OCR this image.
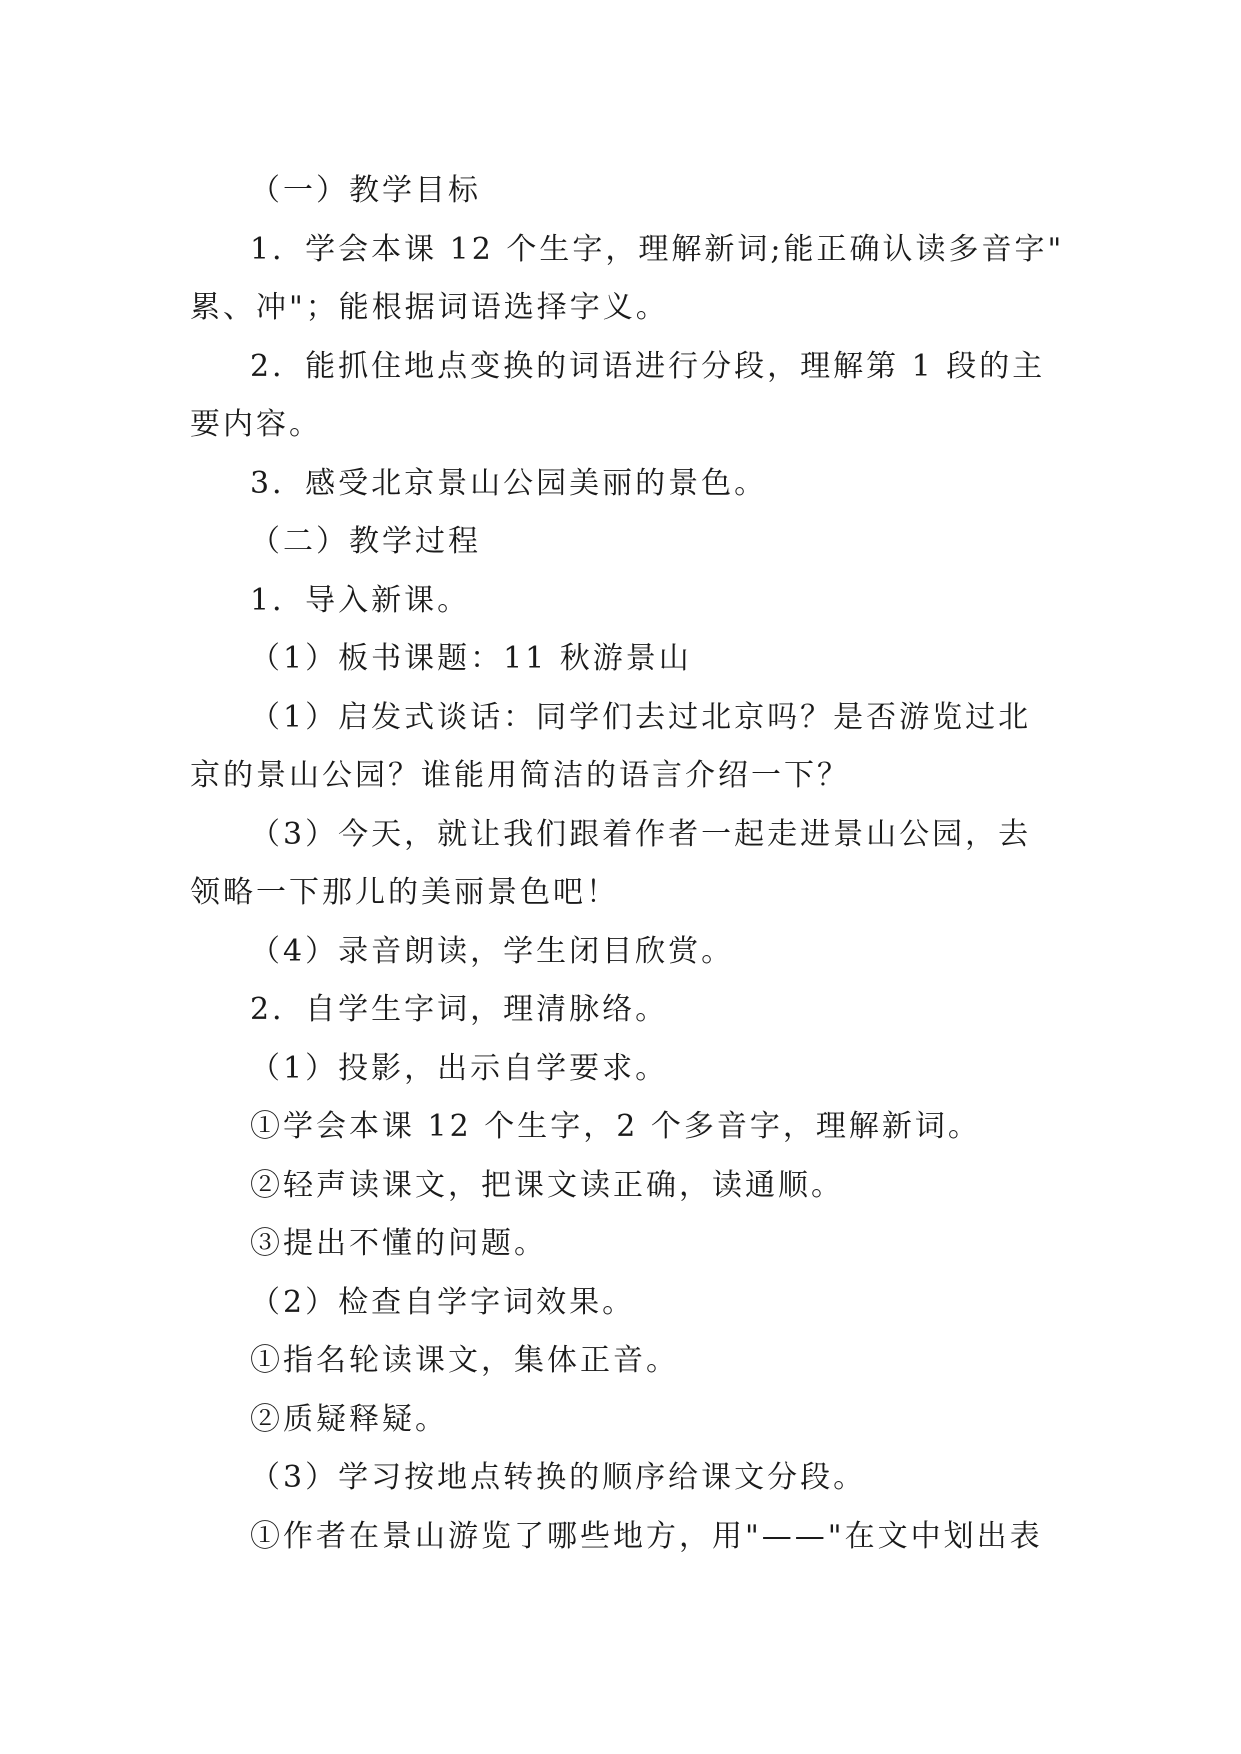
（一）教学目标

1．学会本课 12 个生字，理解新词;能正确认读多音字"

累、冲"；能根据词语选择字义。

2．能抓住地点变换的词语进行分段，理解第 1 段的主

要内容。

3．感受北京景山公园美丽的景色。

（二）教学过程

1．导入新课。

（1）板书课题：11 秋游景山

（1）启发式谈话：同学们去过北京吗？是否游览过北

京的景山公园？谁能用简洁的语言介绍一下？

（3）今天，就让我们跟着作者一起走进景山公园，去

领略一下那儿的美丽景色吧！

（4）录音朗读，学生闭目欣赏。

2．自学生字词，理清脉络。

（1）投影，出示自学要求。

①学会本课 12 个生字，2 个多音字，理解新词。

②轻声读课文，把课文读正确，读通顺。

③提出不懂的问题。

（2）检查自学字词效果。

①指名轮读课文，集体正音。

②质疑释疑。

（3）学习按地点转换的顺序给课文分段。

①作者在景山游览了哪些地方，用"——"在文中划出表
